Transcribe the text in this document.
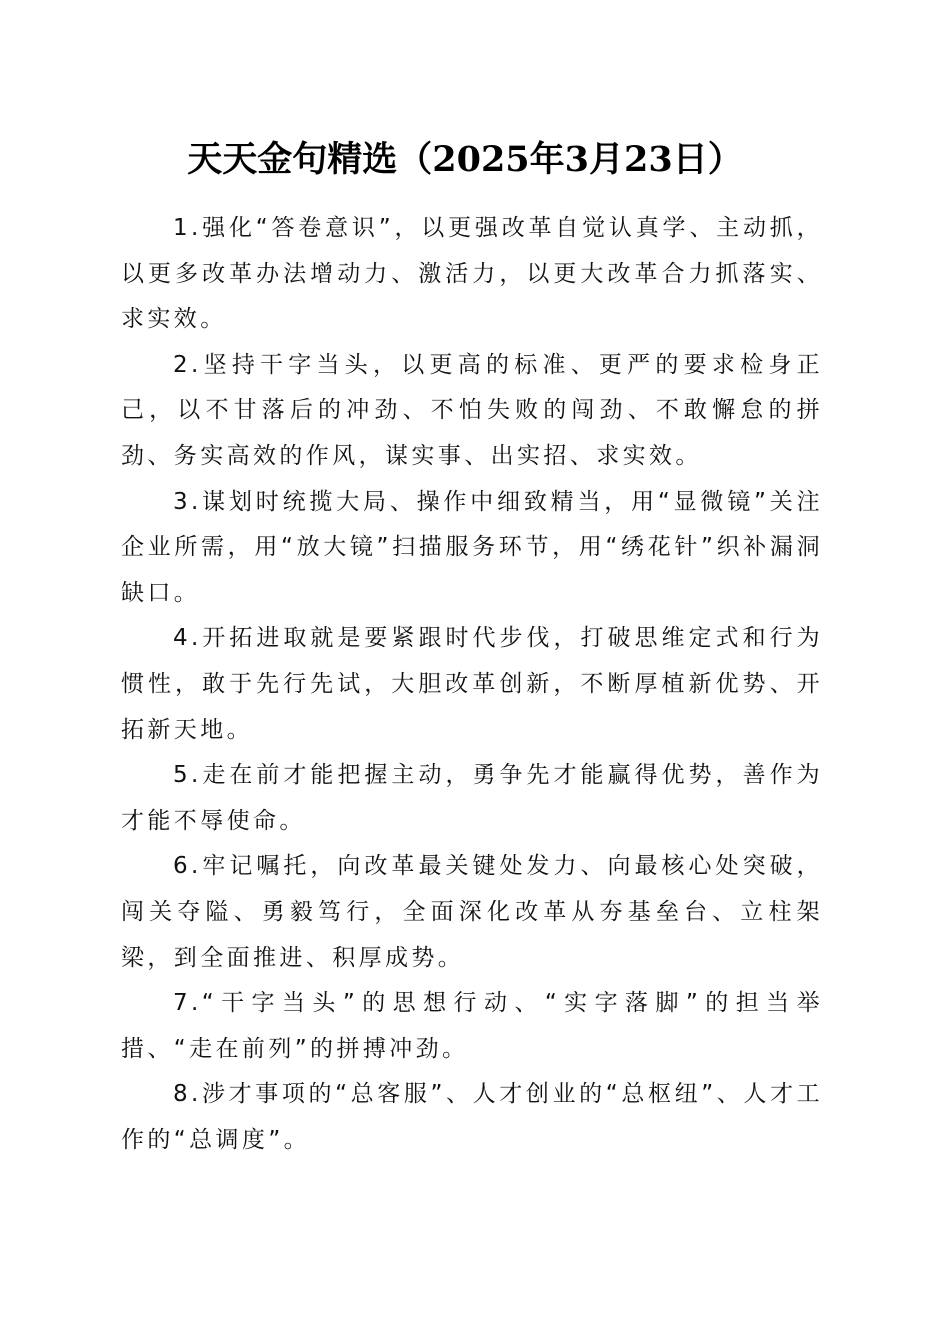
天天金句精选（2025年3月23日）

1.强化“答卷意识”，以更强改革自觉认真学、主动抓，以更多改革办法增动力、激活力，以更大改革合力抓落实、求实效。

2.坚持干字当头，以更高的标准、更严的要求检身正己，以不甘落后的冲劲、不怕失败的闯劲、不敢懈怠的拼劲、务实高效的作风，谋实事、出实招、求实效。

3.谋划时统揽大局、操作中细致精当，用“显微镜”关注企业所需，用“放大镜”扫描服务环节，用“绣花针”织补漏洞缺口。

4.开拓进取就是要紧跟时代步伐，打破思维定式和行为惯性，敢于先行先试，大胆改革创新，不断厚植新优势、开拓新天地。

5.走在前才能把握主动，勇争先才能赢得优势，善作为才能不辱使命。

6.牢记嘱托，向改革最关键处发力、向最核心处突破，闯关夺隘、勇毅笃行，全面深化改革从夯基垒台、立柱架梁，到全面推进、积厚成势。

7.“干字当头”的思想行动、“实字落脚”的担当举措、“走在前列”的拼搏冲劲。

8.涉才事项的“总客服”、人才创业的“总枢纽”、人才工作的“总调度”。
